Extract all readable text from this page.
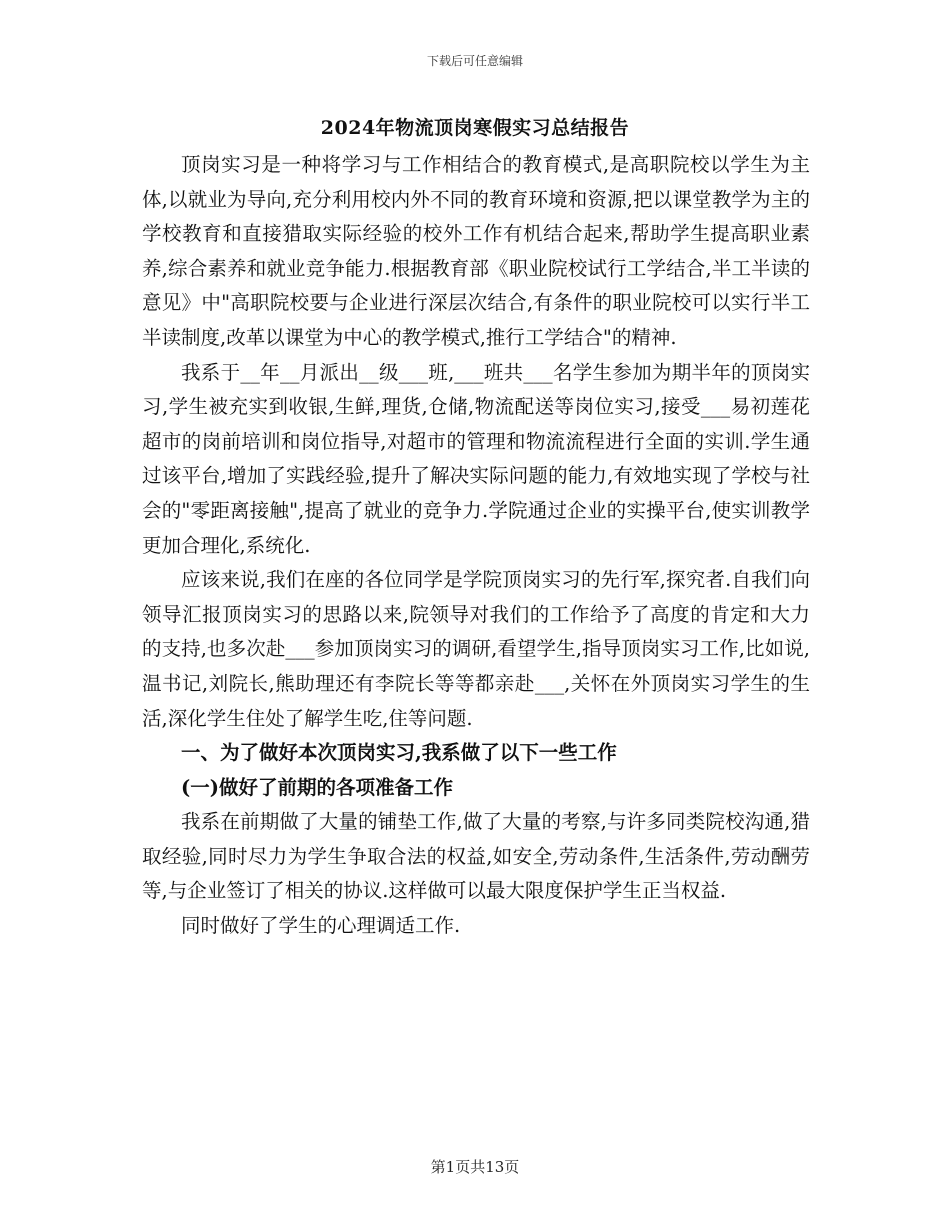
下载后可任意编辑
2024年物流顶岗寒假实习总结报告

顶岗实习是一种将学习与工作相结合的教育模式,是高职院校以学生为主体,以就业为导向,充分利用校内外不同的教育环境和资源,把以课堂教学为主的学校教育和直接猎取实际经验的校外工作有机结合起来,帮助学生提高职业素养,综合素养和就业竞争能力.根据教育部《职业院校试行工学结合,半工半读的意见》中"高职院校要与企业进行深层次结合,有条件的职业院校可以实行半工半读制度,改革以课堂为中心的教学模式,推行工学结合"的精神.

我系于__年__月派出__级___班,___班共___名学生参加为期半年的顶岗实习,学生被充实到收银,生鲜,理货,仓储,物流配送等岗位实习,接受___易初莲花超市的岗前培训和岗位指导,对超市的管理和物流流程进行全面的实训.学生通过该平台,增加了实践经验,提升了解决实际问题的能力,有效地实现了学校与社会的"零距离接触",提高了就业的竞争力.学院通过企业的实操平台,使实训教学更加合理化,系统化.

应该来说,我们在座的各位同学是学院顶岗实习的先行军,探究者.自我们向领导汇报顶岗实习的思路以来,院领导对我们的工作给予了高度的肯定和大力的支持,也多次赴___参加顶岗实习的调研,看望学生,指导顶岗实习工作,比如说,温书记,刘院长,熊助理还有李院长等等都亲赴___,关怀在外顶岗实习学生的生活,深化学生住处了解学生吃,住等问题.

一、为了做好本次顶岗实习,我系做了以下一些工作

(一)做好了前期的各项准备工作

我系在前期做了大量的铺垫工作,做了大量的考察,与许多同类院校沟通,猎取经验,同时尽力为学生争取合法的权益,如安全,劳动条件,生活条件,劳动酬劳等,与企业签订了相关的协议.这样做可以最大限度保护学生正当权益.

同时做好了学生的心理调适工作.

第1页共13页
